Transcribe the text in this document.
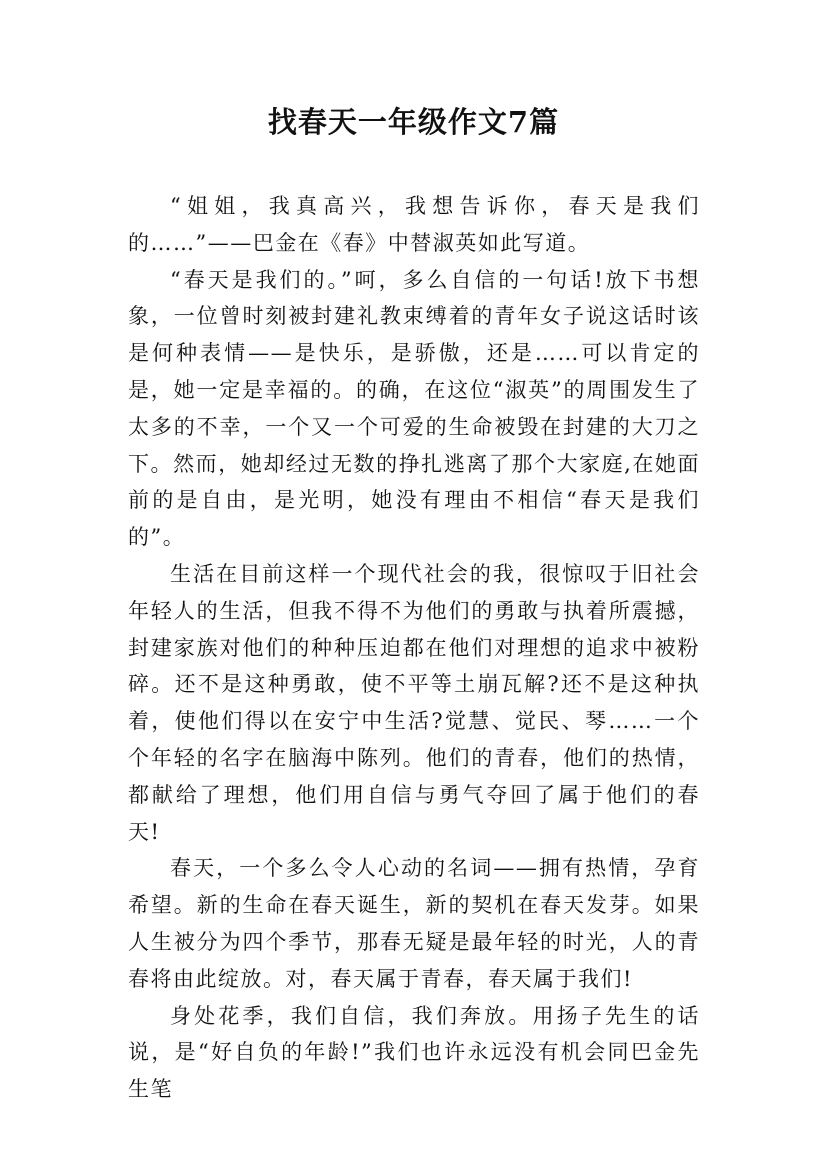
找春天一年级作文7篇

“姐姐，我真高兴，我想告诉你，春天是我们的……”——巴金在《春》中替淑英如此写道。

“春天是我们的。”呵，多么自信的一句话!放下书想象，一位曾时刻被封建礼教束缚着的青年女子说这话时该是何种表情——是快乐，是骄傲，还是……可以肯定的是，她一定是幸福的。的确，在这位“淑英”的周围发生了太多的不幸，一个又一个可爱的生命被毁在封建的大刀之下。然而，她却经过无数的挣扎逃离了那个大家庭,在她面前的是自由，是光明，她没有理由不相信“春天是我们的”。

生活在目前这样一个现代社会的我，很惊叹于旧社会年轻人的生活，但我不得不为他们的勇敢与执着所震撼，封建家族对他们的种种压迫都在他们对理想的追求中被粉碎。还不是这种勇敢，使不平等土崩瓦解?还不是这种执着，使他们得以在安宁中生活?觉慧、觉民、琴……一个个年轻的名字在脑海中陈列。他们的青春，他们的热情，都献给了理想，他们用自信与勇气夺回了属于他们的春天!

春天，一个多么令人心动的名词——拥有热情，孕育希望。新的生命在春天诞生，新的契机在春天发芽。如果人生被分为四个季节，那春无疑是最年轻的时光，人的青春将由此绽放。对，春天属于青春，春天属于我们!

身处花季，我们自信，我们奔放。用扬子先生的话说，是“好自负的年龄!”我们也许永远没有机会同巴金先生笔
